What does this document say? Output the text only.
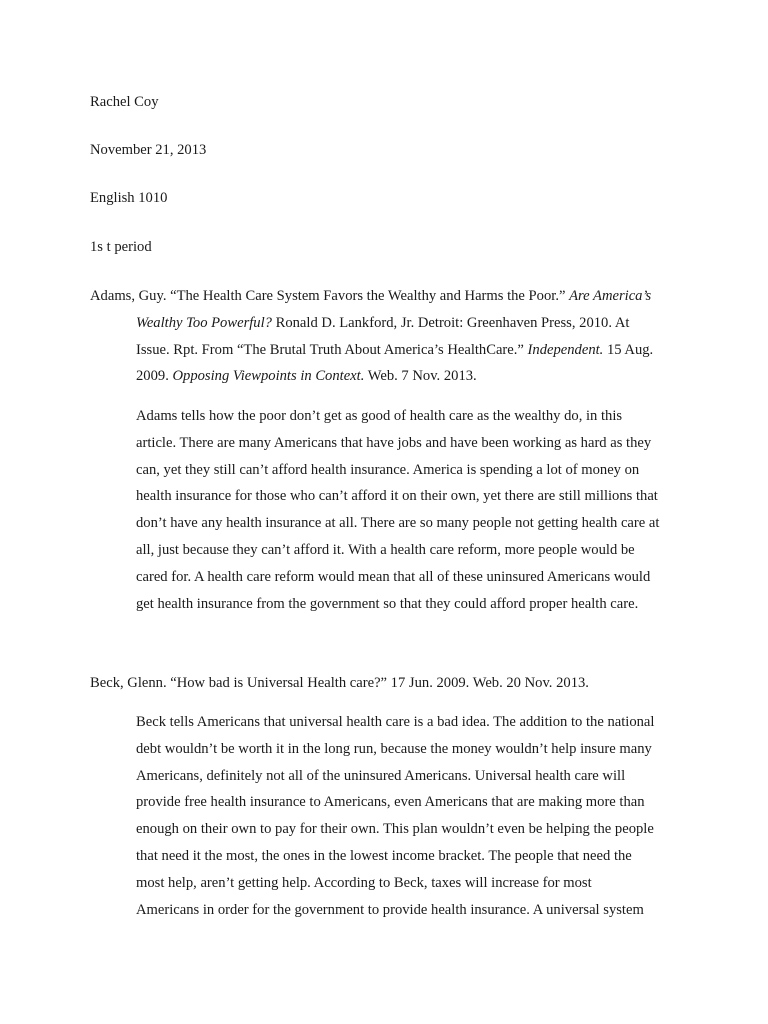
Rachel Coy

November 21, 2013

English 1010

1s t period

Adams, Guy. “The Health Care System Favors the Wealthy and Harms the Poor.” Are America’s
Wealthy Too Powerful? Ronald D. Lankford, Jr. Detroit: Greenhaven Press, 2010. At
Issue. Rpt. From “The Brutal Truth About America’s HealthCare.” Independent. 15 Aug.
2009. Opposing Viewpoints in Context. Web. 7 Nov. 2013.
Adams tells how the poor don’t get as good of health care as the wealthy do, in this
article. There are many Americans that have jobs and have been working as hard as they
can, yet they still can’t afford health insurance. America is spending a lot of money on
health insurance for those who can’t afford it on their own, yet there are still millions that
don’t have any health insurance at all. There are so many people not getting health care at
all, just because they can’t afford it. With a health care reform, more people would be
cared for. A health care reform would mean that all of these uninsured Americans would
get health insurance from the government so that they could afford proper health care.
Beck, Glenn. “How bad is Universal Health care?” 17 Jun. 2009. Web. 20 Nov. 2013.
Beck tells Americans that universal health care is a bad idea. The addition to the national
debt wouldn’t be worth it in the long run, because the money wouldn’t help insure many
Americans, definitely not all of the uninsured Americans. Universal health care will
provide free health insurance to Americans, even Americans that are making more than
enough on their own to pay for their own. This plan wouldn’t even be helping the people
that need it the most, the ones in the lowest income bracket. The people that need the
most help, aren’t getting help. According to Beck, taxes will increase for most
Americans in order for the government to provide health insurance. A universal system
